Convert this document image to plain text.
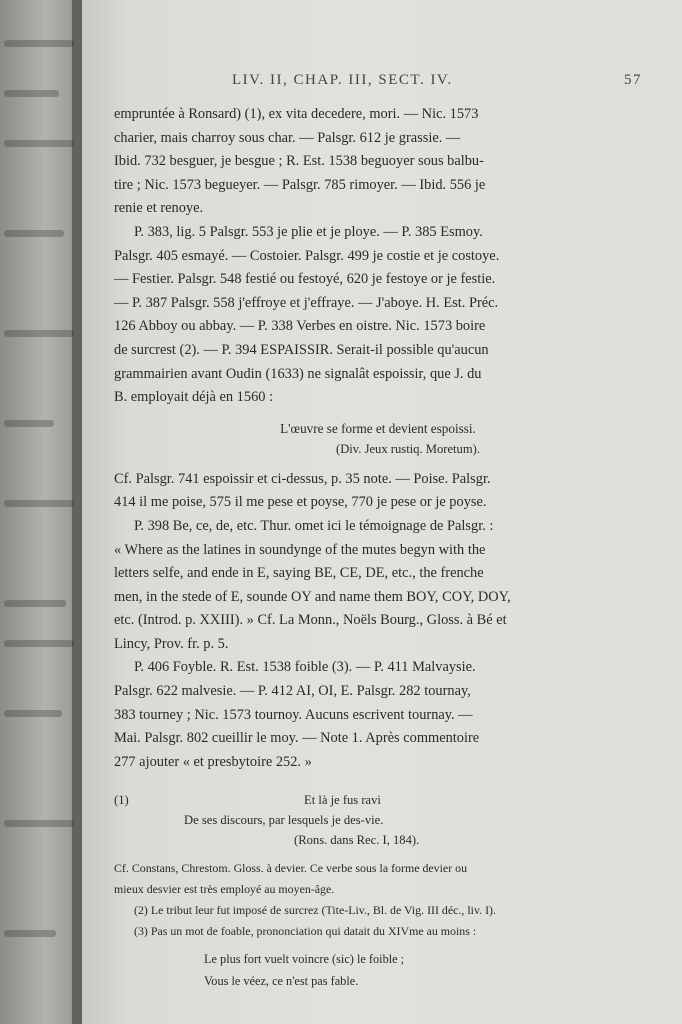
LIV. II, CHAP. III, SECT. IV.	57

empruntée à Ronsard) (1), ex vita decedere, mori. — Nic. 1573

charier, mais charroy sous char. — Palsgr. 612 je grassie. —

Ibid. 732 besguer, je besgue ; R. Est. 1538 beguoyer sous balbu-

tire ; Nic. 1573 begueyer. — Palsgr. 785 rimoyer. — Ibid. 556 je

renie et renoye.

P. 383, lig. 5 Palsgr. 553 je plie et je ploye. — P. 385 Esmoy.

Palsgr. 405 esmayé. — Costoier. Palsgr. 499 je costie et je costoye.

— Festier. Palsgr. 548 festié ou festoyé, 620 je festoye or je festie.

— P. 387 Palsgr. 558 j'effroye et j'effraye. — J'aboye. H. Est. Préc.

126 Abboy ou abbay. — P. 338 Verbes en oistre. Nic. 1573 boire

de surcrest (2). — P. 394 ESPAISSIR. Serait-il possible qu'aucun

grammairien avant Oudin (1633) ne signalât espoissir, que J. du

B. employait déjà en 1560 :

L'œuvre se forme et devient espoissi.
(Div. Jeux rustiq. Moretum).

Cf. Palsgr. 741 espoissir et ci-dessus, p. 35 note. — Poise. Palsgr.

414 il me poise, 575 il me pese et poyse, 770 je pese or je poyse.

P. 398 Be, ce, de, etc. Thur. omet ici le témoignage de Palsgr. :

« Where as the latines in soundynge of the mutes begyn with the

letters selfe, and ende in E, saying BE, CE, DE, etc., the frenche

men, in the stede of E, sounde OY and name them BOY, COY, DOY,

etc. (Introd. p. XXIII). » Cf. La Monn., Noëls Bourg., Gloss. à Bé et

Lincy, Prov. fr. p. 5.

P. 406 Foyble. R. Est. 1538 foible (3). — P. 411 Malvaysie.

Palsgr. 622 malvesie. — P. 412 AI, OI, E. Palsgr. 282 tournay,

383 tourney ; Nic. 1573 tournoy. Aucuns escrivent tournay. —

Mai. Palsgr. 802 cueillir le moy. — Note 1. Après commentoire

277 ajouter « et presbytoire 252. »

(1)	Et là je fus ravi
De ses discours, par lesquels je des-vie.
(Rons. dans Rec. I, 184).

Cf. Constans, Chrestom. Gloss. à devier. Ce verbe sous la forme devier ou

mieux desvier est très employé au moyen-âge.

(2) Le tribut leur fut imposé de surcrez (Tite-Liv., Bl. de Vig. III déc., liv. I).

(3) Pas un mot de foable, prononciation qui datait du XIVme au moins :

Le plus fort vuelt voincre (sic) le foible ;
Vous le véez, ce n'est pas fable.
